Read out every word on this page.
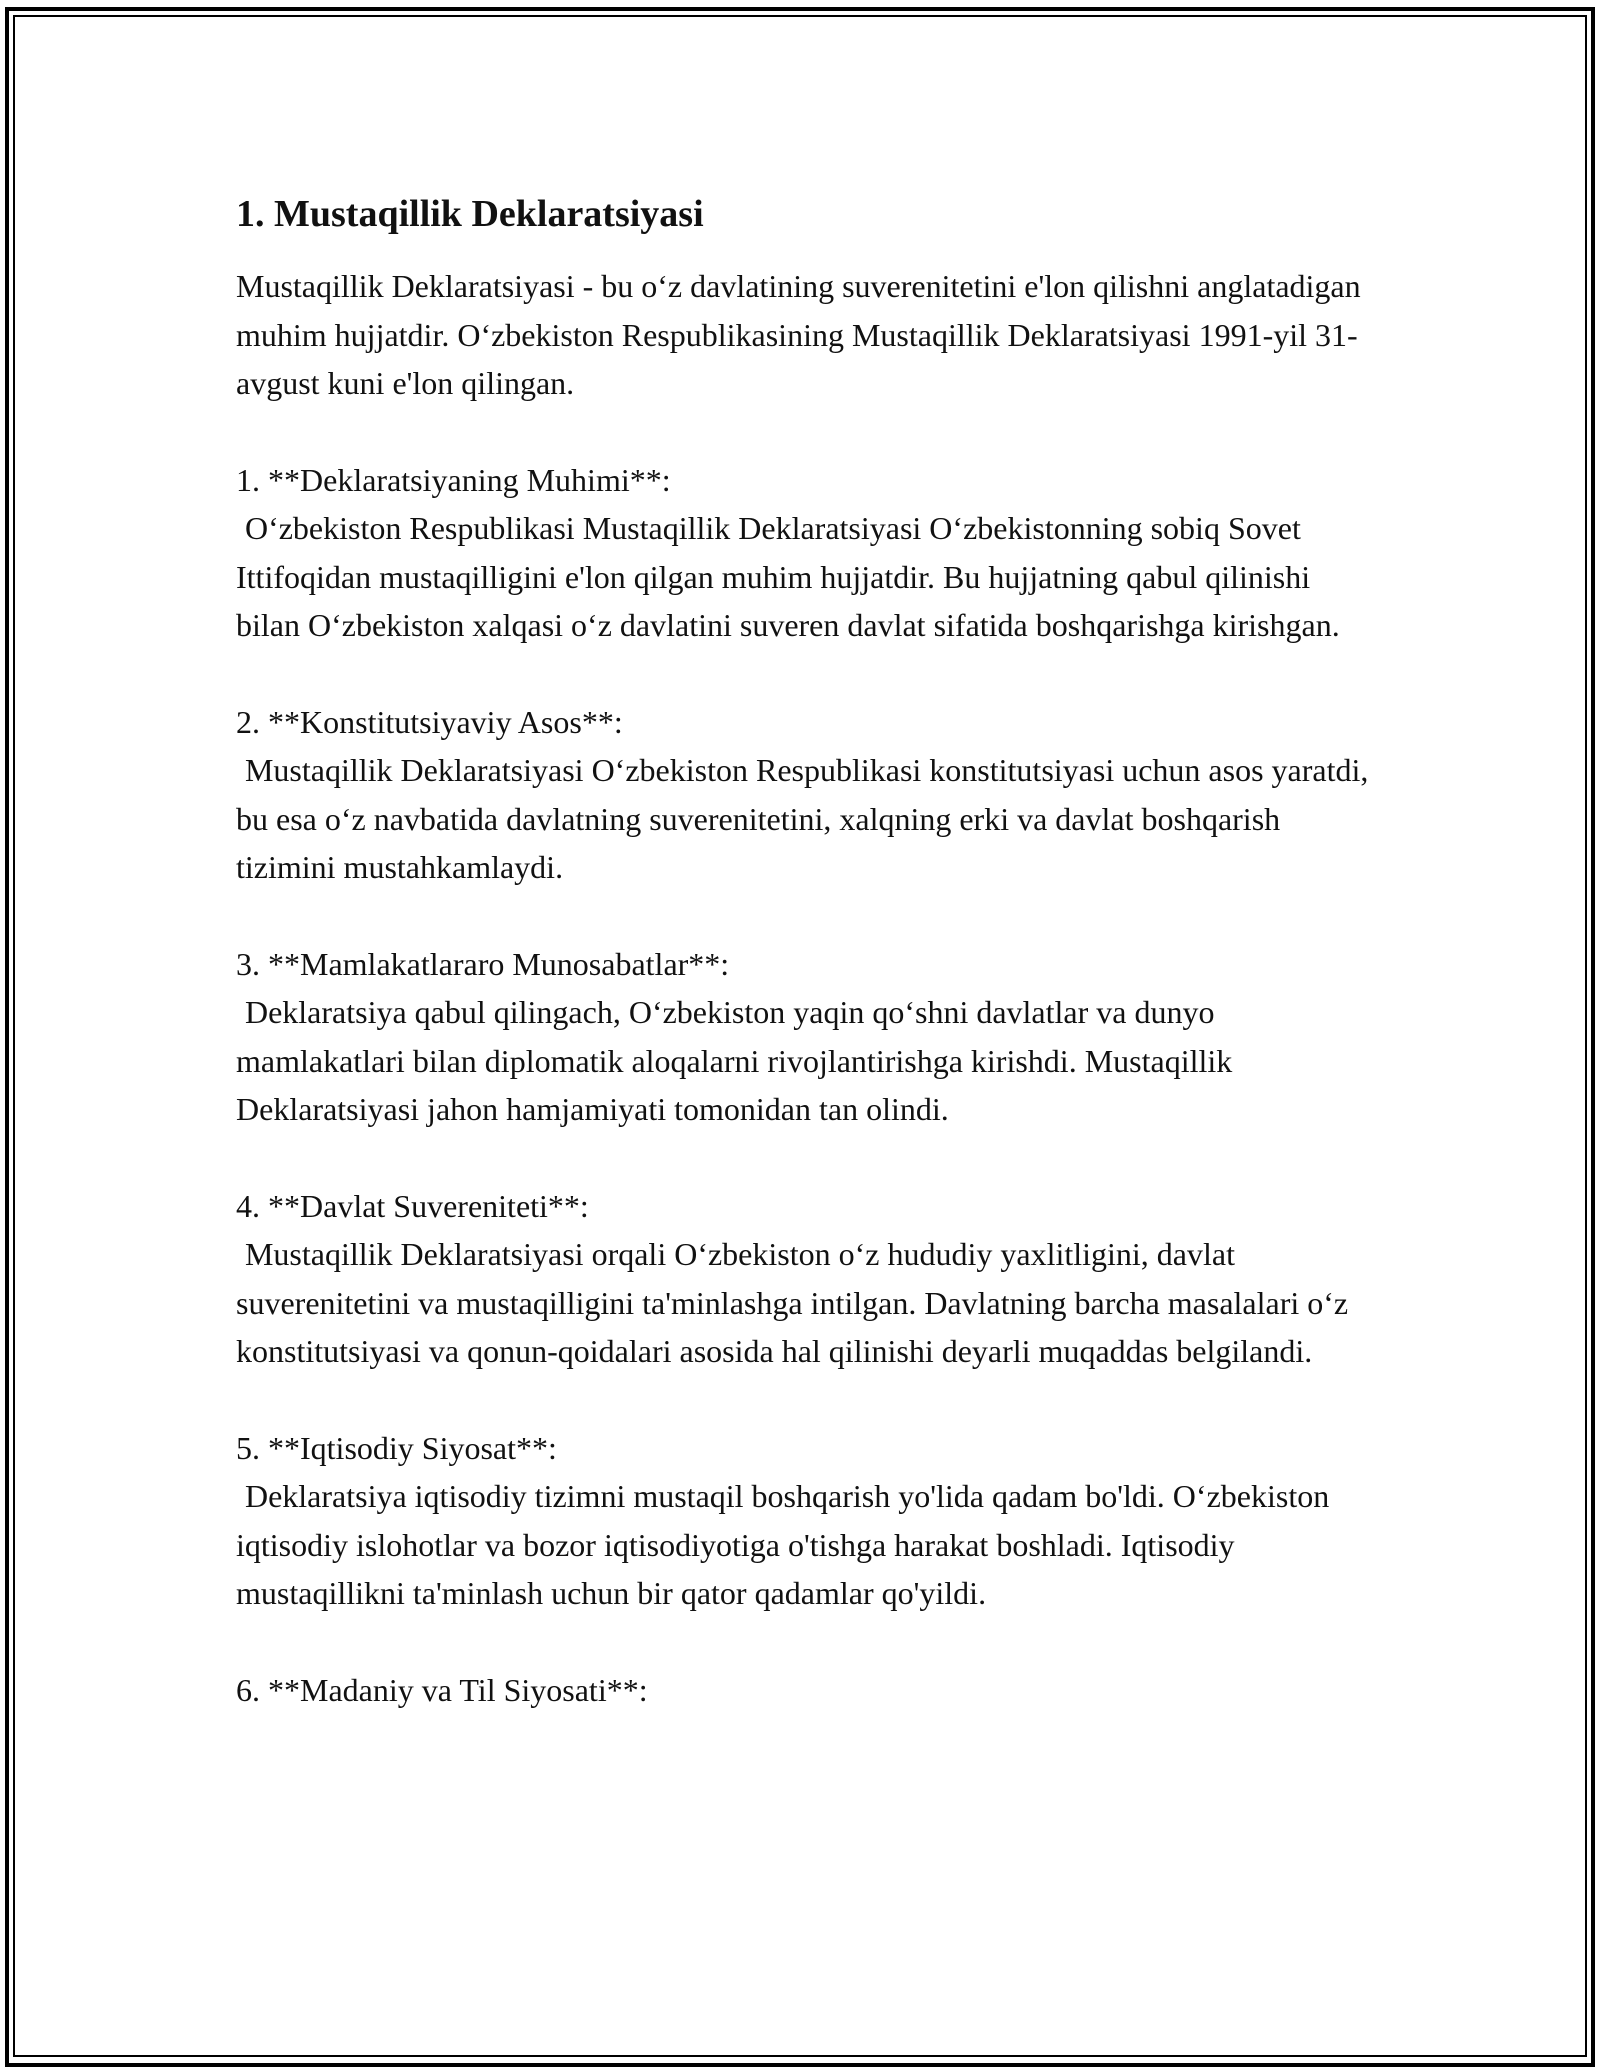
1. Mustaqillik Deklaratsiyasi

Mustaqillik Deklaratsiyasi - bu o‘z davlatining suverenitetini e'lon qilishni anglatadigan muhim hujjatdir. O‘zbekiston Respublikasining Mustaqillik Deklaratsiyasi 1991-yil 31-avgust kuni e'lon qilingan.

1. **Deklaratsiyaning Muhimi**:

O‘zbekiston Respublikasi Mustaqillik Deklaratsiyasi O‘zbekistonning sobiq Sovet Ittifoqidan mustaqilligini e'lon qilgan muhim hujjatdir. Bu hujjatning qabul qilinishi bilan O‘zbekiston xalqasi o‘z davlatini suveren davlat sifatida boshqarishga kirishgan.

2. **Konstitutsiyaviy Asos**:

Mustaqillik Deklaratsiyasi O‘zbekiston Respublikasi konstitutsiyasi uchun asos yaratdi, bu esa o‘z navbatida davlatning suverenitetini, xalqning erki va davlat boshqarish tizimini mustahkamlaydi.

3. **Mamlakatlararo Munosabatlar**:

Deklaratsiya qabul qilingach, O‘zbekiston yaqin qo‘shni davlatlar va dunyo mamlakatlari bilan diplomatik aloqalarni rivojlantirishga kirishdi. Mustaqillik Deklaratsiyasi jahon hamjamiyati tomonidan tan olindi.

4. **Davlat Suvereniteti**:

Mustaqillik Deklaratsiyasi orqali O‘zbekiston o‘z hududiy yaxlitligini, davlat suverenitetini va mustaqilligini ta'minlashga intilgan. Davlatning barcha masalalari o‘z konstitutsiyasi va qonun-qoidalari asosida hal qilinishi deyarli muqaddas belgilandi.

5. **Iqtisodiy Siyosat**:

Deklaratsiya iqtisodiy tizimni mustaqil boshqarish yo'lida qadam bo'ldi. O‘zbekiston iqtisodiy islohotlar va bozor iqtisodiyotiga o'tishga harakat boshladi. Iqtisodiy mustaqillikni ta'minlash uchun bir qator qadamlar qo'yildi.

6. **Madaniy va Til Siyosati**:
